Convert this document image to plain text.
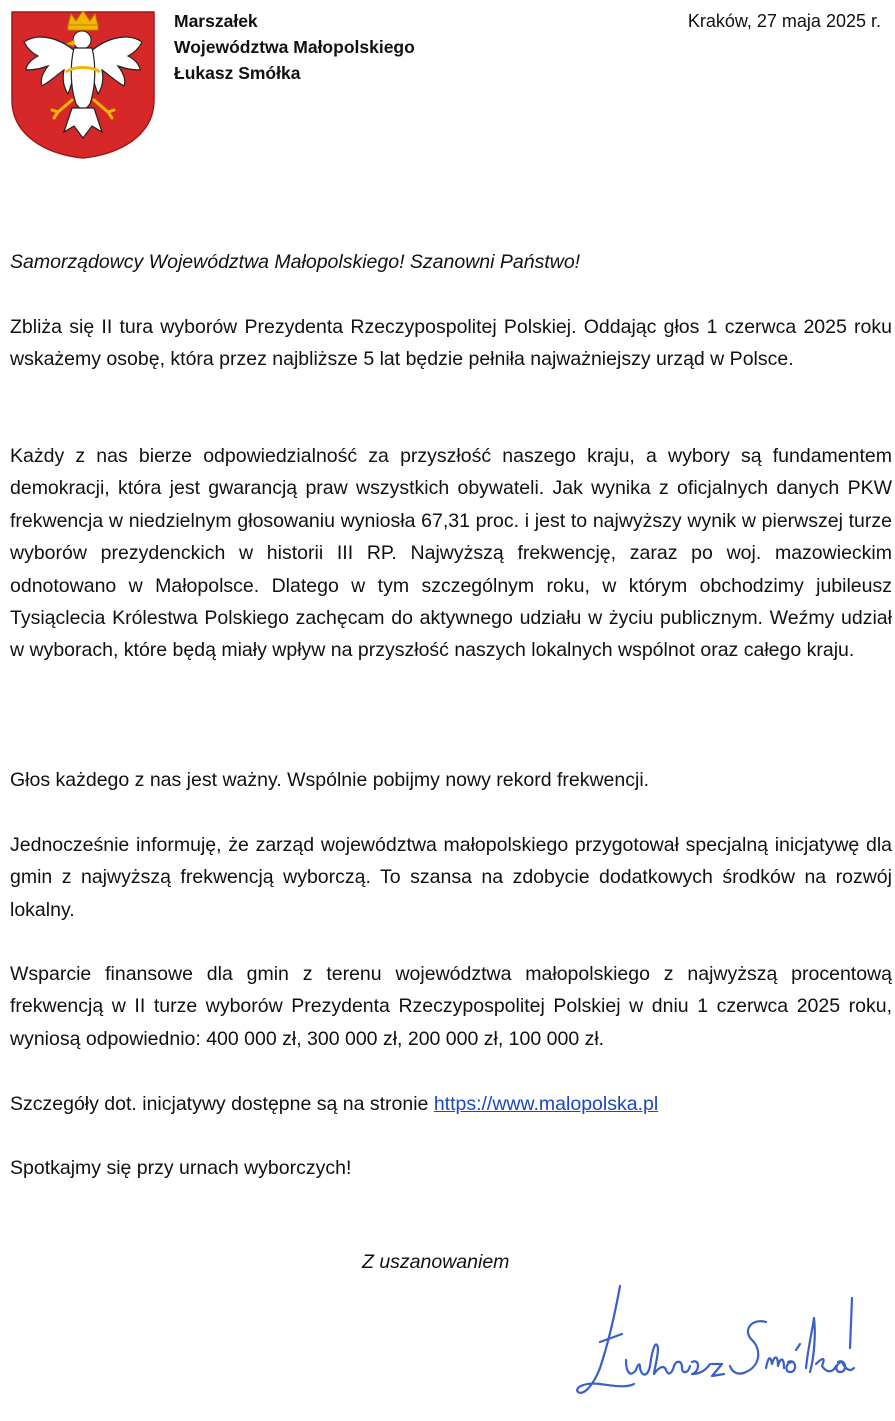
Marszałek
Województwa Małopolskiego
Łukasz Smółka
Kraków, 27 maja 2025 r.
Samorządowcy Województwa Małopolskiego! Szanowni Państwo!

Zbliża się II tura wyborów Prezydenta Rzeczypospolitej Polskiej. Oddając głos 1 czerwca 2025 roku wskażemy osobę, która przez najbliższe 5 lat będzie pełniła najważniejszy urząd w Polsce.

Każdy z nas bierze odpowiedzialność za przyszłość naszego kraju, a wybory są fundamentem demokracji, która jest gwarancją praw wszystkich obywateli. Jak wynika z oficjalnych danych PKW frekwencja w niedzielnym głosowaniu wyniosła 67,31 proc. i jest to najwyższy wynik w pierwszej turze wyborów prezydenckich w historii III RP. Najwyższą frekwencję, zaraz po woj. mazowieckim odnotowano w Małopolsce. Dlatego w tym szczególnym roku, w którym obchodzimy jubileusz Tysiąclecia Królestwa Polskiego zachęcam do aktywnego udziału w życiu publicznym. Weźmy udział w wyborach, które będą miały wpływ na przyszłość naszych lokalnych wspólnot oraz całego kraju.

Głos każdego z nas jest ważny. Wspólnie pobijmy nowy rekord frekwencji.

Jednocześnie informuję, że zarząd województwa małopolskiego przygotował specjalną inicjatywę dla gmin z najwyższą frekwencją wyborczą. To szansa na zdobycie dodatkowych środków na rozwój lokalny.

Wsparcie finansowe dla gmin z terenu województwa małopolskiego z najwyższą procentową frekwencją w II turze wyborów Prezydenta Rzeczypospolitej Polskiej w dniu 1 czerwca 2025 roku, wyniosą odpowiednio: 400 000 zł, 300 000 zł, 200 000 zł, 100 000 zł.

Szczegóły dot. inicjatywy dostępne są na stronie https://www.malopolska.pl

Spotkajmy się przy urnach wyborczych!

Z uszanowaniem
